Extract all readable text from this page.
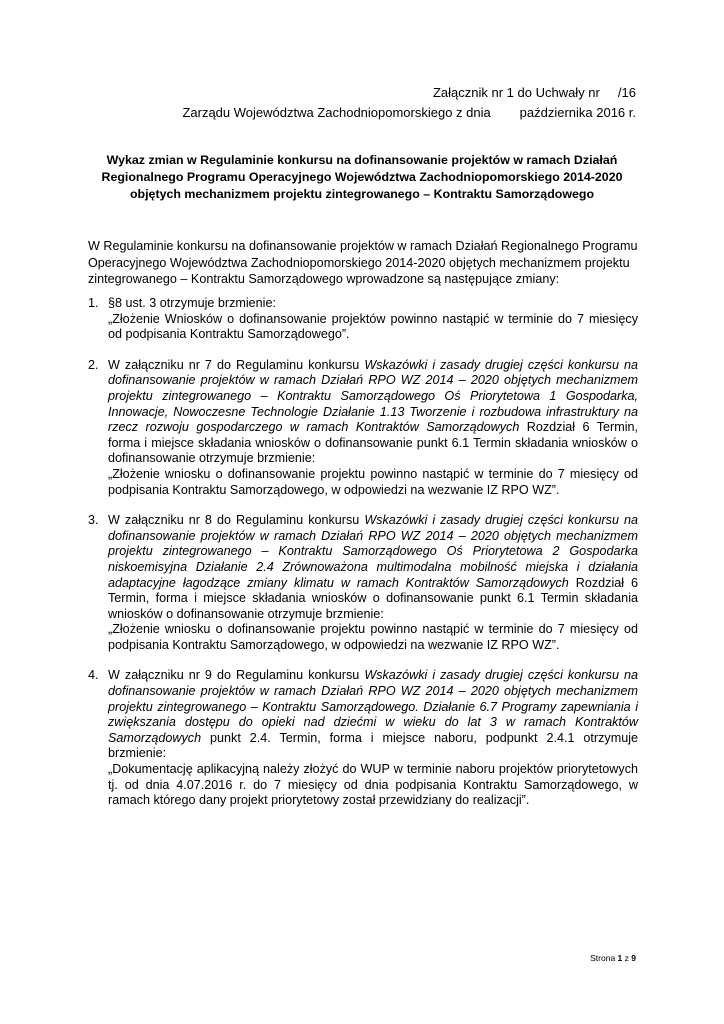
Załącznik nr 1 do Uchwały nr     /16
Zarządu Województwa Zachodniopomorskiego z dnia        października 2016 r.
Wykaz zmian w Regulaminie konkursu na dofinansowanie projektów w ramach Działań
Regionalnego Programu Operacyjnego Województwa Zachodniopomorskiego 2014-2020
objętych mechanizmem projektu zintegrowanego – Kontraktu Samorządowego
W Regulaminie konkursu na dofinansowanie projektów w ramach Działań Regionalnego Programu Operacyjnego Województwa Zachodniopomorskiego 2014-2020 objętych mechanizmem projektu zintegrowanego – Kontraktu Samorządowego wprowadzone są następujące zmiany:
1. §8 ust. 3 otrzymuje brzmienie:

„Złożenie Wniosków o dofinansowanie projektów powinno nastąpić w terminie do 7 miesięcy od podpisania Kontraktu Samorządowego”.

2. W załączniku nr 7 do Regulaminu konkursu Wskazówki i zasady drugiej części konkursu na dofinansowanie projektów w ramach Działań RPO WZ 2014 – 2020 objętych mechanizmem projektu zintegrowanego – Kontraktu Samorządowego Oś Priorytetowa 1 Gospodarka, Innowacje, Nowoczesne Technologie Działanie 1.13 Tworzenie i rozbudowa infrastruktury na rzecz rozwoju gospodarczego w ramach Kontraktów Samorządowych Rozdział 6 Termin, forma i miejsce składania wniosków o dofinansowanie punkt 6.1 Termin składania wniosków o dofinansowanie otrzymuje brzmienie:

„Złożenie wniosku o dofinansowanie projektu powinno nastąpić w terminie do 7 miesięcy od podpisania Kontraktu Samorządowego, w odpowiedzi na wezwanie IZ RPO WZ”.

3. W załączniku nr 8 do Regulaminu konkursu Wskazówki i zasady drugiej części konkursu na dofinansowanie projektów w ramach Działań RPO WZ 2014 – 2020 objętych mechanizmem projektu zintegrowanego – Kontraktu Samorządowego Oś Priorytetowa 2 Gospodarka niskoemisyjna Działanie 2.4 Zrównoważona multimodalna mobilność miejska i działania adaptacyjne łagodzące zmiany klimatu w ramach Kontraktów Samorządowych Rozdział 6 Termin, forma i miejsce składania wniosków o dofinansowanie punkt 6.1 Termin składania wniosków o dofinansowanie otrzymuje brzmienie:

„Złożenie wniosku o dofinansowanie projektu powinno nastąpić w terminie do 7 miesięcy od podpisania Kontraktu Samorządowego, w odpowiedzi na wezwanie IZ RPO WZ”.

4. W załączniku nr 9 do Regulaminu konkursu Wskazówki i zasady drugiej części konkursu na dofinansowanie projektów w ramach Działań RPO WZ 2014 – 2020 objętych mechanizmem projektu zintegrowanego – Kontraktu Samorządowego. Działanie 6.7 Programy zapewniania i zwiększania dostępu do opieki nad dziećmi w wieku do lat 3 w ramach Kontraktów Samorządowych punkt 2.4. Termin, forma i miejsce naboru, podpunkt 2.4.1 otrzymuje brzmienie:

„Dokumentację aplikacyjną należy złożyć do WUP w terminie naboru projektów priorytetowych tj. od dnia 4.07.2016 r. do 7 miesięcy od dnia podpisania Kontraktu Samorządowego, w ramach którego dany projekt priorytetowy został przewidziany do realizacji”.

Strona 1 z 9
